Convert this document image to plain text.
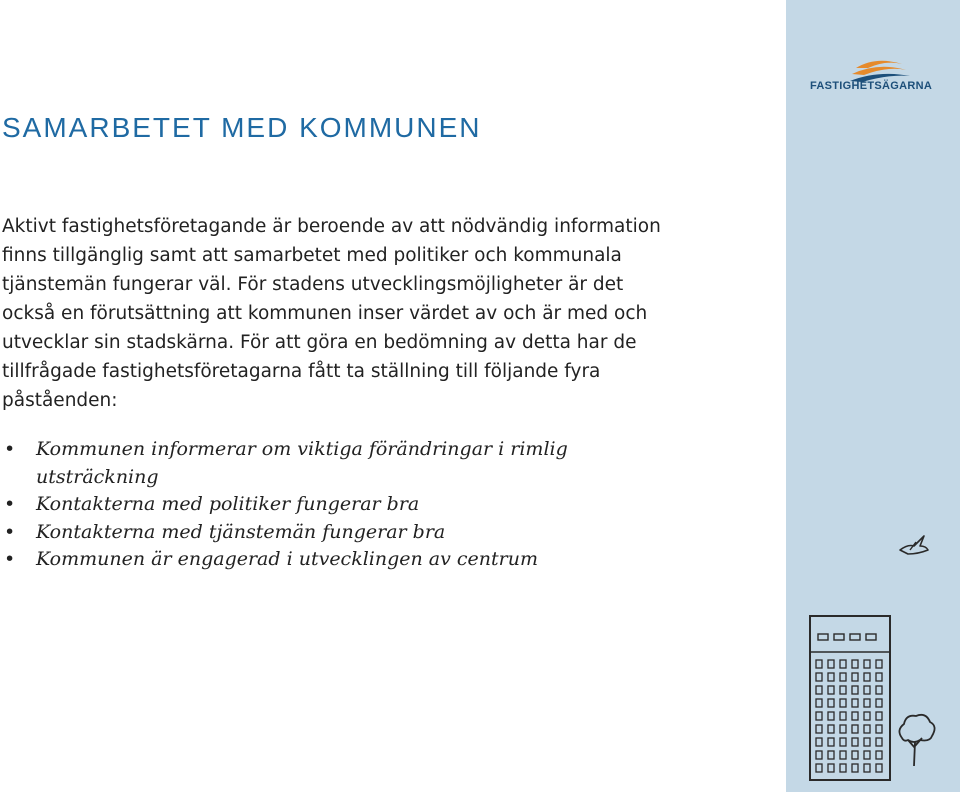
SAMARBETET MED KOMMUNEN

Aktivt fastighetsföretagande är beroende av att nödvändig information finns tillgänglig samt att samarbetet med politiker och kommunala tjänstemän fungerar väl. För stadens utvecklingsmöjligheter är det också en förutsättning att kommunen inser värdet av och är med och utvecklar sin stadskärna. För att göra en bedömning av detta har de tillfrågade fastighetsföretagarna fått ta ställning till följande fyra påståenden:

• Kommunen informerar om viktiga förändringar i rimlig utsträckning
• Kontakterna med politiker fungerar bra
• Kontakterna med tjänstemän fungerar bra
• Kommunen är engagerad i utvecklingen av centrum
FASTIGHETSÄGARNA
